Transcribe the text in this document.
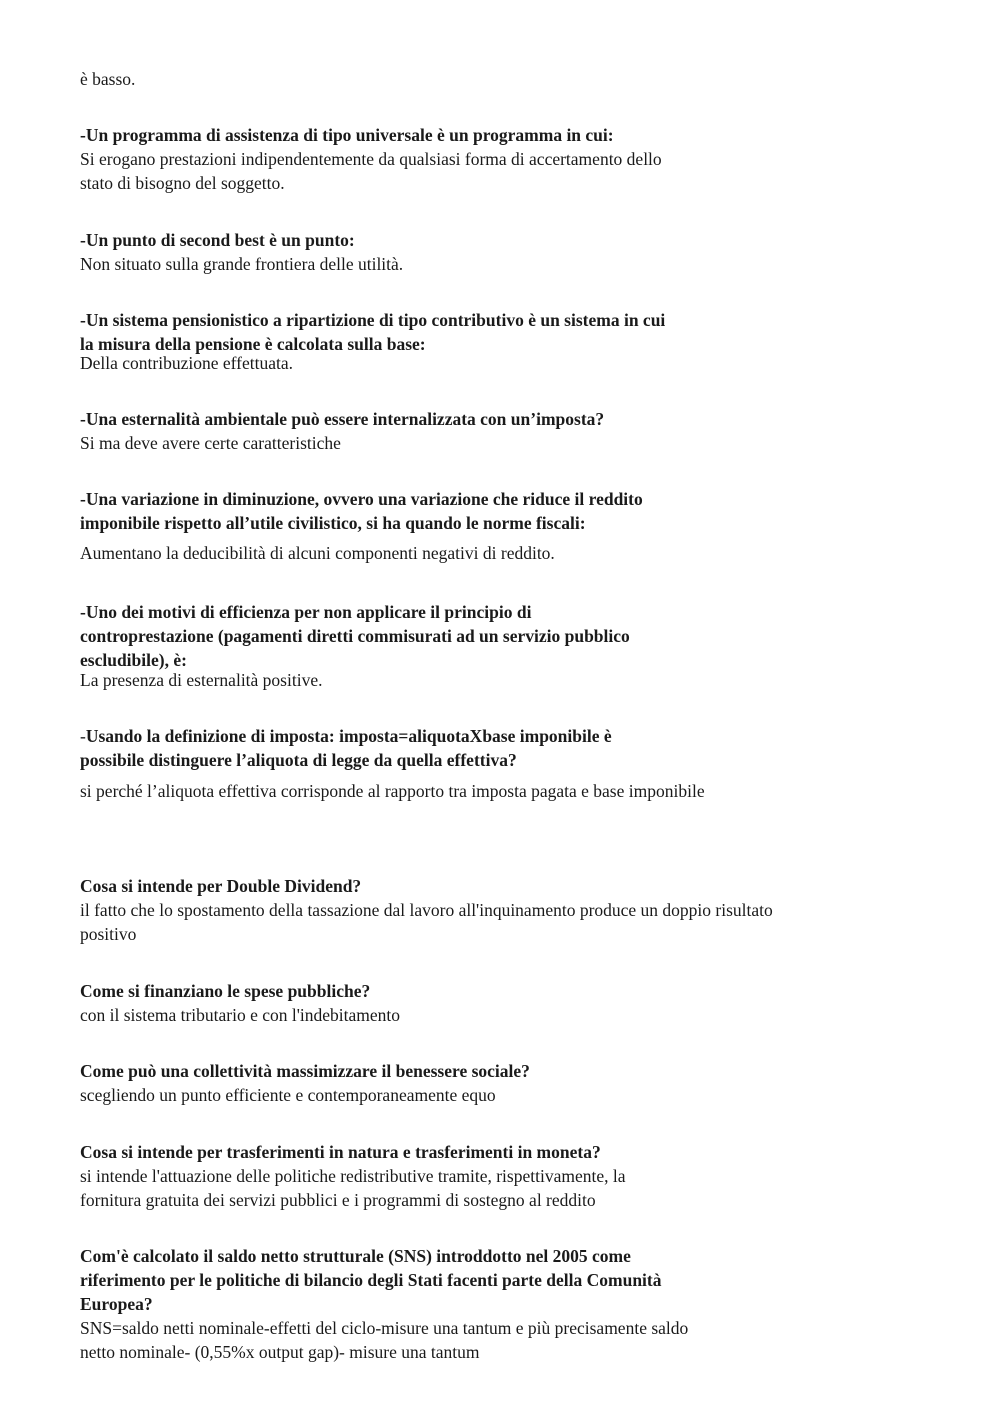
è basso.

-Un programma di assistenza di tipo universale è un programma in cui:

Si erogano prestazioni indipendentemente da qualsiasi forma di accertamento dello
stato di bisogno del soggetto.

-Un punto di second best è un punto:

Non situato sulla grande frontiera delle utilità.

-Un sistema pensionistico a ripartizione di tipo contributivo è un sistema in cui
la misura della pensione è calcolata sulla base:

Della contribuzione effettuata.

-Una esternalità ambientale può essere internalizzata con un’imposta?

Si ma deve avere certe caratteristiche

-Una variazione in diminuzione, ovvero una variazione che riduce il reddito
imponibile rispetto all’utile civilistico, si ha quando le norme fiscali:

Aumentano la deducibilità di alcuni componenti negativi di reddito.

-Uno dei motivi di efficienza per non applicare il principio di
controprestazione (pagamenti diretti commisurati ad un servizio pubblico
escludibile), è:

La presenza di esternalità positive.

-Usando la definizione di imposta: imposta=aliquotaXbase imponibile è
possibile distinguere l’aliquota di legge da quella effettiva?

si perché l’aliquota effettiva corrisponde al rapporto tra imposta pagata e base imponibile

Cosa si intende per Double Dividend?

il fatto che lo spostamento della tassazione dal lavoro all'inquinamento produce un doppio risultato
positivo

Come si finanziano le spese pubbliche?

con il sistema tributario e con l'indebitamento

Come può una collettività massimizzare il benessere sociale?

scegliendo un punto efficiente e contemporaneamente equo

Cosa si intende per trasferimenti in natura e trasferimenti in moneta?

si intende l'attuazione delle politiche redistributive tramite, rispettivamente, la
fornitura gratuita dei servizi pubblici e i programmi di sostegno al reddito

Com'è calcolato il saldo netto strutturale (SNS) introddotto nel 2005 come
riferimento per le politiche di bilancio degli Stati facenti parte della Comunità
Europea?

SNS=saldo netti nominale-effetti del ciclo-misure una tantum e più precisamente saldo
netto nominale- (0,55%x output gap)- misure una tantum
